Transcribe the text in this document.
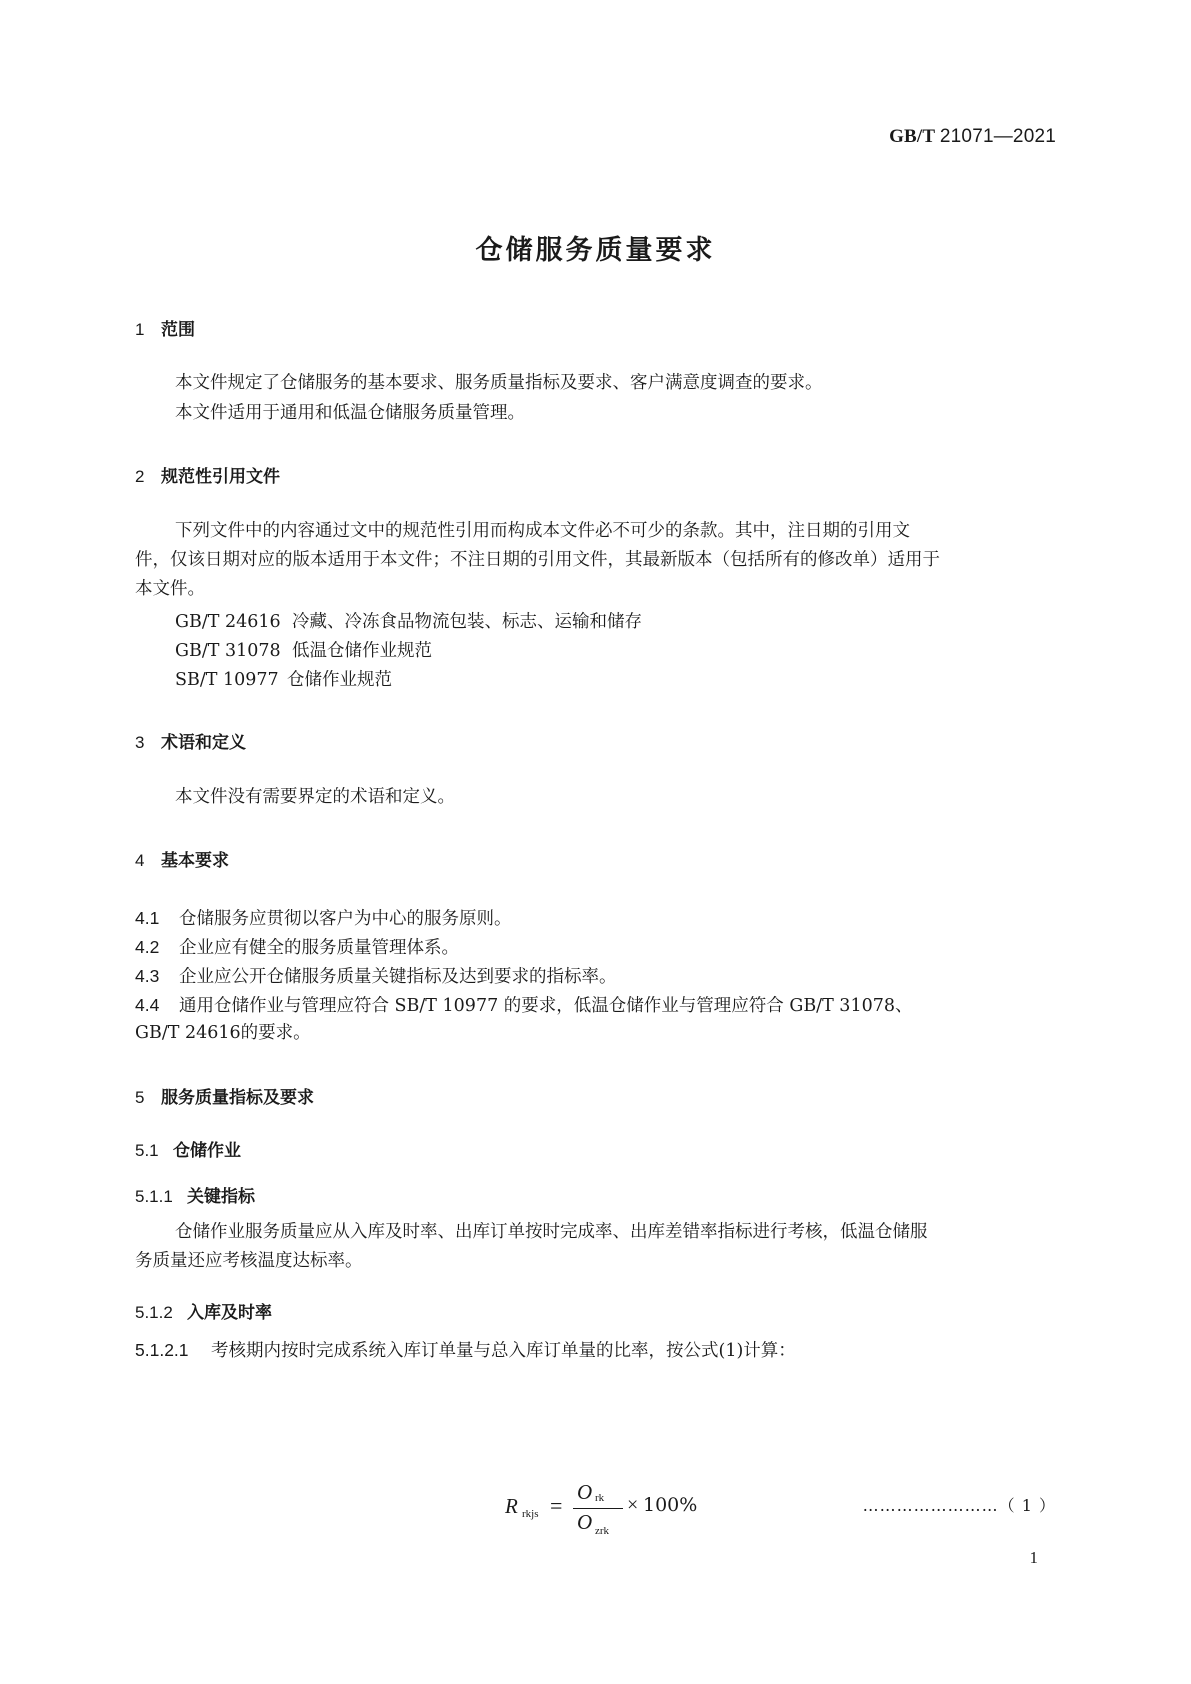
GB/T 21071—2021
仓储服务质量要求
1 范围
本文件规定了仓储服务的基本要求、服务质量指标及要求、客户满意度调查的要求。
本文件适用于通用和低温仓储服务质量管理。
2 规范性引用文件
下列文件中的内容通过文中的规范性引用而构成本文件必不可少的条款。其中，注日期的引用文
件，仅该日期对应的版本适用于本文件；不注日期的引用文件，其最新版本（包括所有的修改单）适用于
本文件。
GB/T 24616 冷藏、冷冻食品物流包装、标志、运输和储存
GB/T 31078 低温仓储作业规范
SB/T 10977 仓储作业规范
3 术语和定义
本文件没有需要界定的术语和定义。
4 基本要求
4.1 仓储服务应贯彻以客户为中心的服务原则。
4.2 企业应有健全的服务质量管理体系。
4.3 企业应公开仓储服务质量关键指标及达到要求的指标率。
4.4 通用仓储作业与管理应符合 SB/T 10977 的要求，低温仓储作业与管理应符合 GB/T 31078、
GB/T 24616的要求。
5 服务质量指标及要求
5.1 仓储作业
5.1.1 关键指标
仓储作业服务质量应从入库及时率、出库订单按时完成率、出库差错率指标进行考核，低温仓储服
务质量还应考核温度达标率。
5.1.2 入库及时率
5.1.2.1 考核期内按时完成系统入库订单量与总入库订单量的比率，按公式(1)计算：
R rkjs =
O rk
O zrk
× 100%	……………………（ 1 ）
1
